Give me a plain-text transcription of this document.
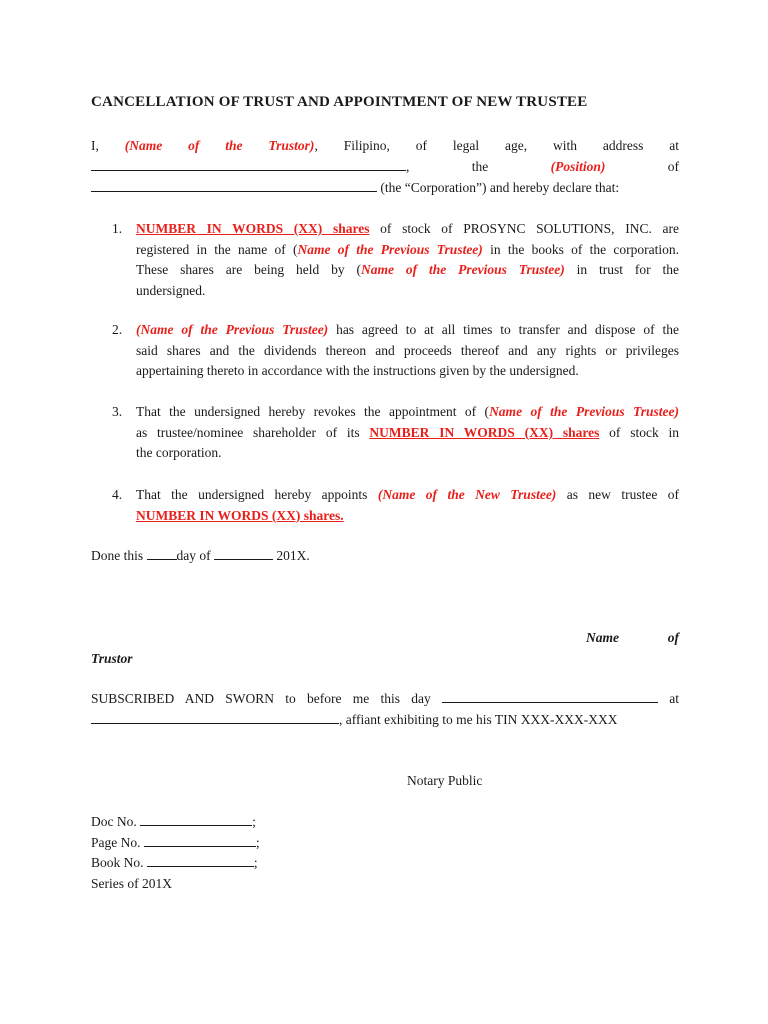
CANCELLATION OF TRUST AND APPOINTMENT OF NEW TRUSTEE
I, (Name of the Trustor), Filipino, of legal age, with address at
,	the	(Position)	of
(the “Corporation”) and hereby declare that:
1. NUMBER IN WORDS (XX) shares of stock of PROSYNC SOLUTIONS, INC. are
registered in the name of (Name of the Previous Trustee) in the books of the corporation.
These shares are being held by (Name of the Previous Trustee) in trust for the
undersigned.
2. (Name of the Previous Trustee) has agreed to at all times to transfer and dispose of the
said shares and the dividends thereon and proceeds thereof and any rights or privileges
appertaining thereto in accordance with the instructions given by the undersigned.
3. That the undersigned hereby revokes the appointment of (Name of the Previous Trustee)
as trustee/nominee shareholder of its NUMBER IN WORDS (XX) shares of stock in
the corporation.
4. That the undersigned hereby appoints (Name of the New Trustee) as new trustee of
NUMBER IN WORDS (XX) shares.
Done this day of	201X.
Name	of
Trustor
SUBSCRIBED AND SWORN to before me this day	at
, affiant exhibiting to me his TIN XXX-XXX-XXX
Notary Public
Doc No.	;
Page No.	;
Book No.	;
Series of 201X
